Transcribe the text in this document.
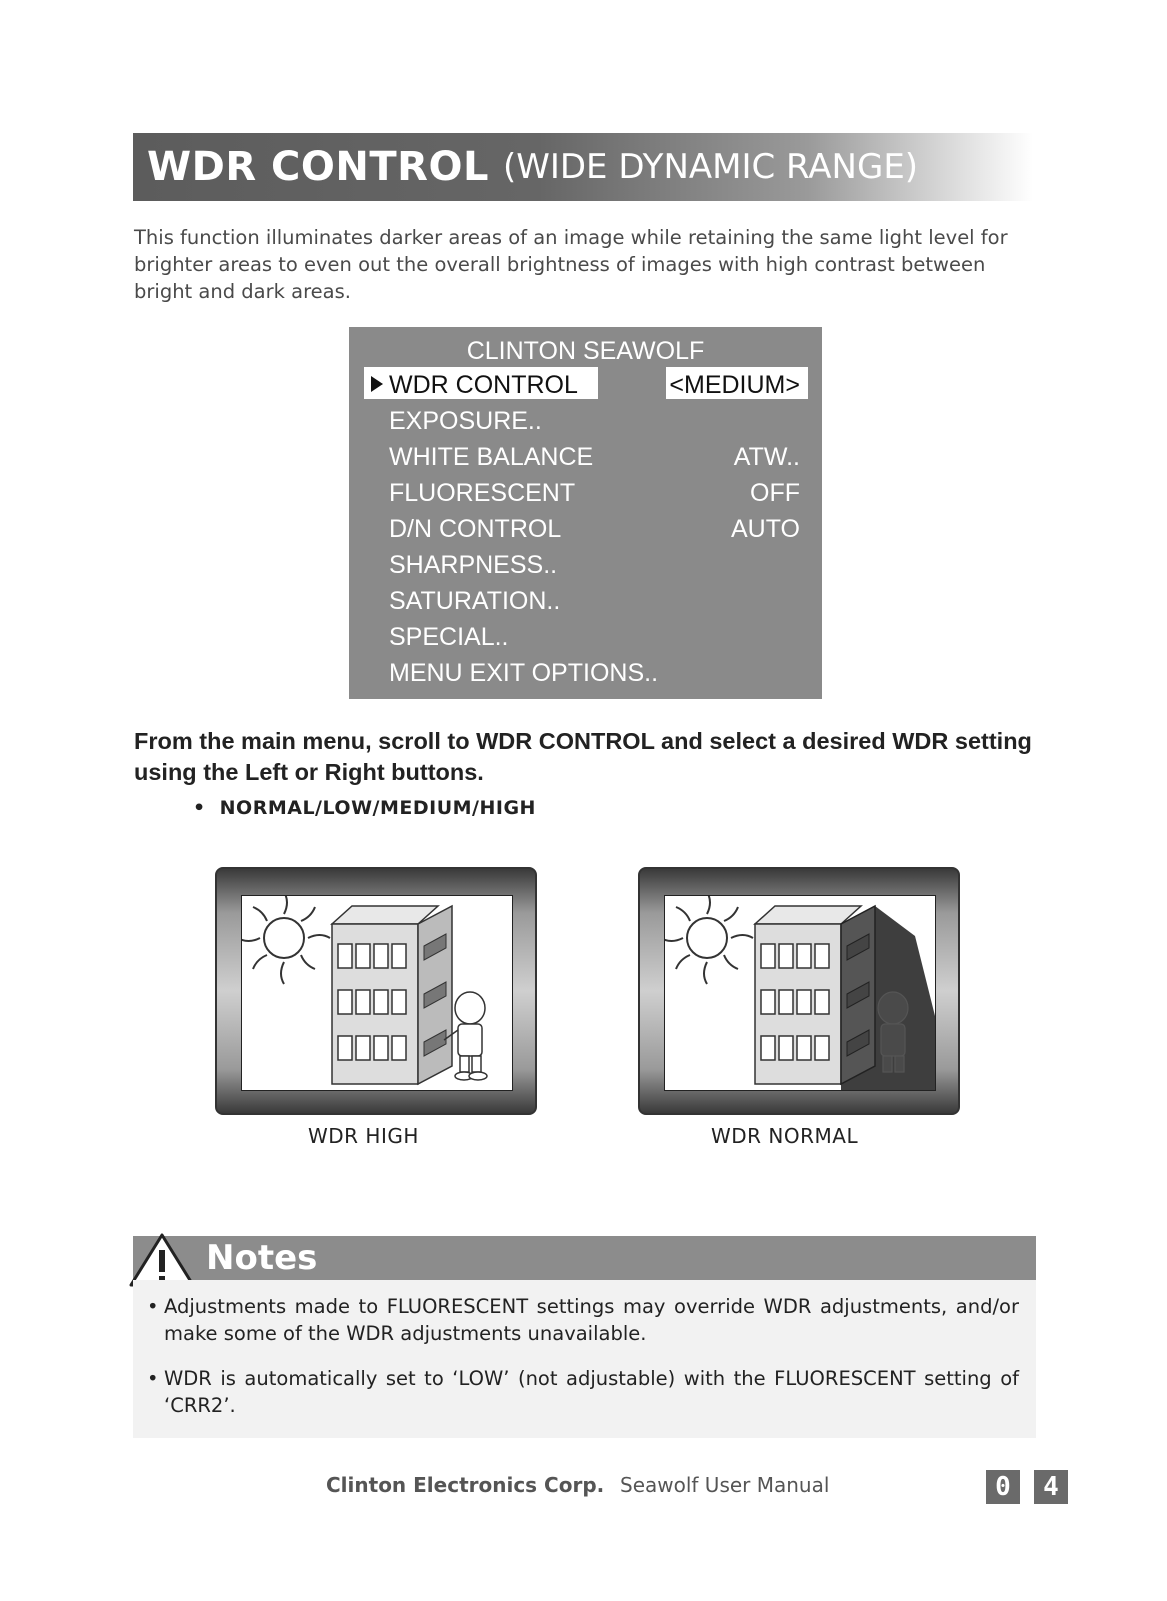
WDR CONTROL (WIDE DYNAMIC RANGE)
This function illuminates darker areas of an image while retaining the same light level for brighter areas to even out the overall brightness of images with high contrast between bright and dark areas.
CLINTON SEAWOLF
WDR CONTROL	<MEDIUM>
EXPOSURE..
WHITE BALANCE	ATW..
FLUORESCENT	OFF
D/N CONTROL	AUTO
SHARPNESS..
SATURATION..
SPECIAL..
MENU EXIT OPTIONS..
From the main menu, scroll to WDR CONTROL and select a desired WDR setting using the Left or Right buttons.
• NORMAL/LOW/MEDIUM/HIGH
WDR HIGH	WDR NORMAL
Notes
• Adjustments made to FLUORESCENT settings may override WDR adjustments, and/or make some of the WDR adjustments unavailable.
• WDR is automatically set to ‘LOW’ (not adjustable) with the FLUORESCENT setting of ‘CRR2’.
Clinton Electronics Corp. Seawolf User Manual	0	4
